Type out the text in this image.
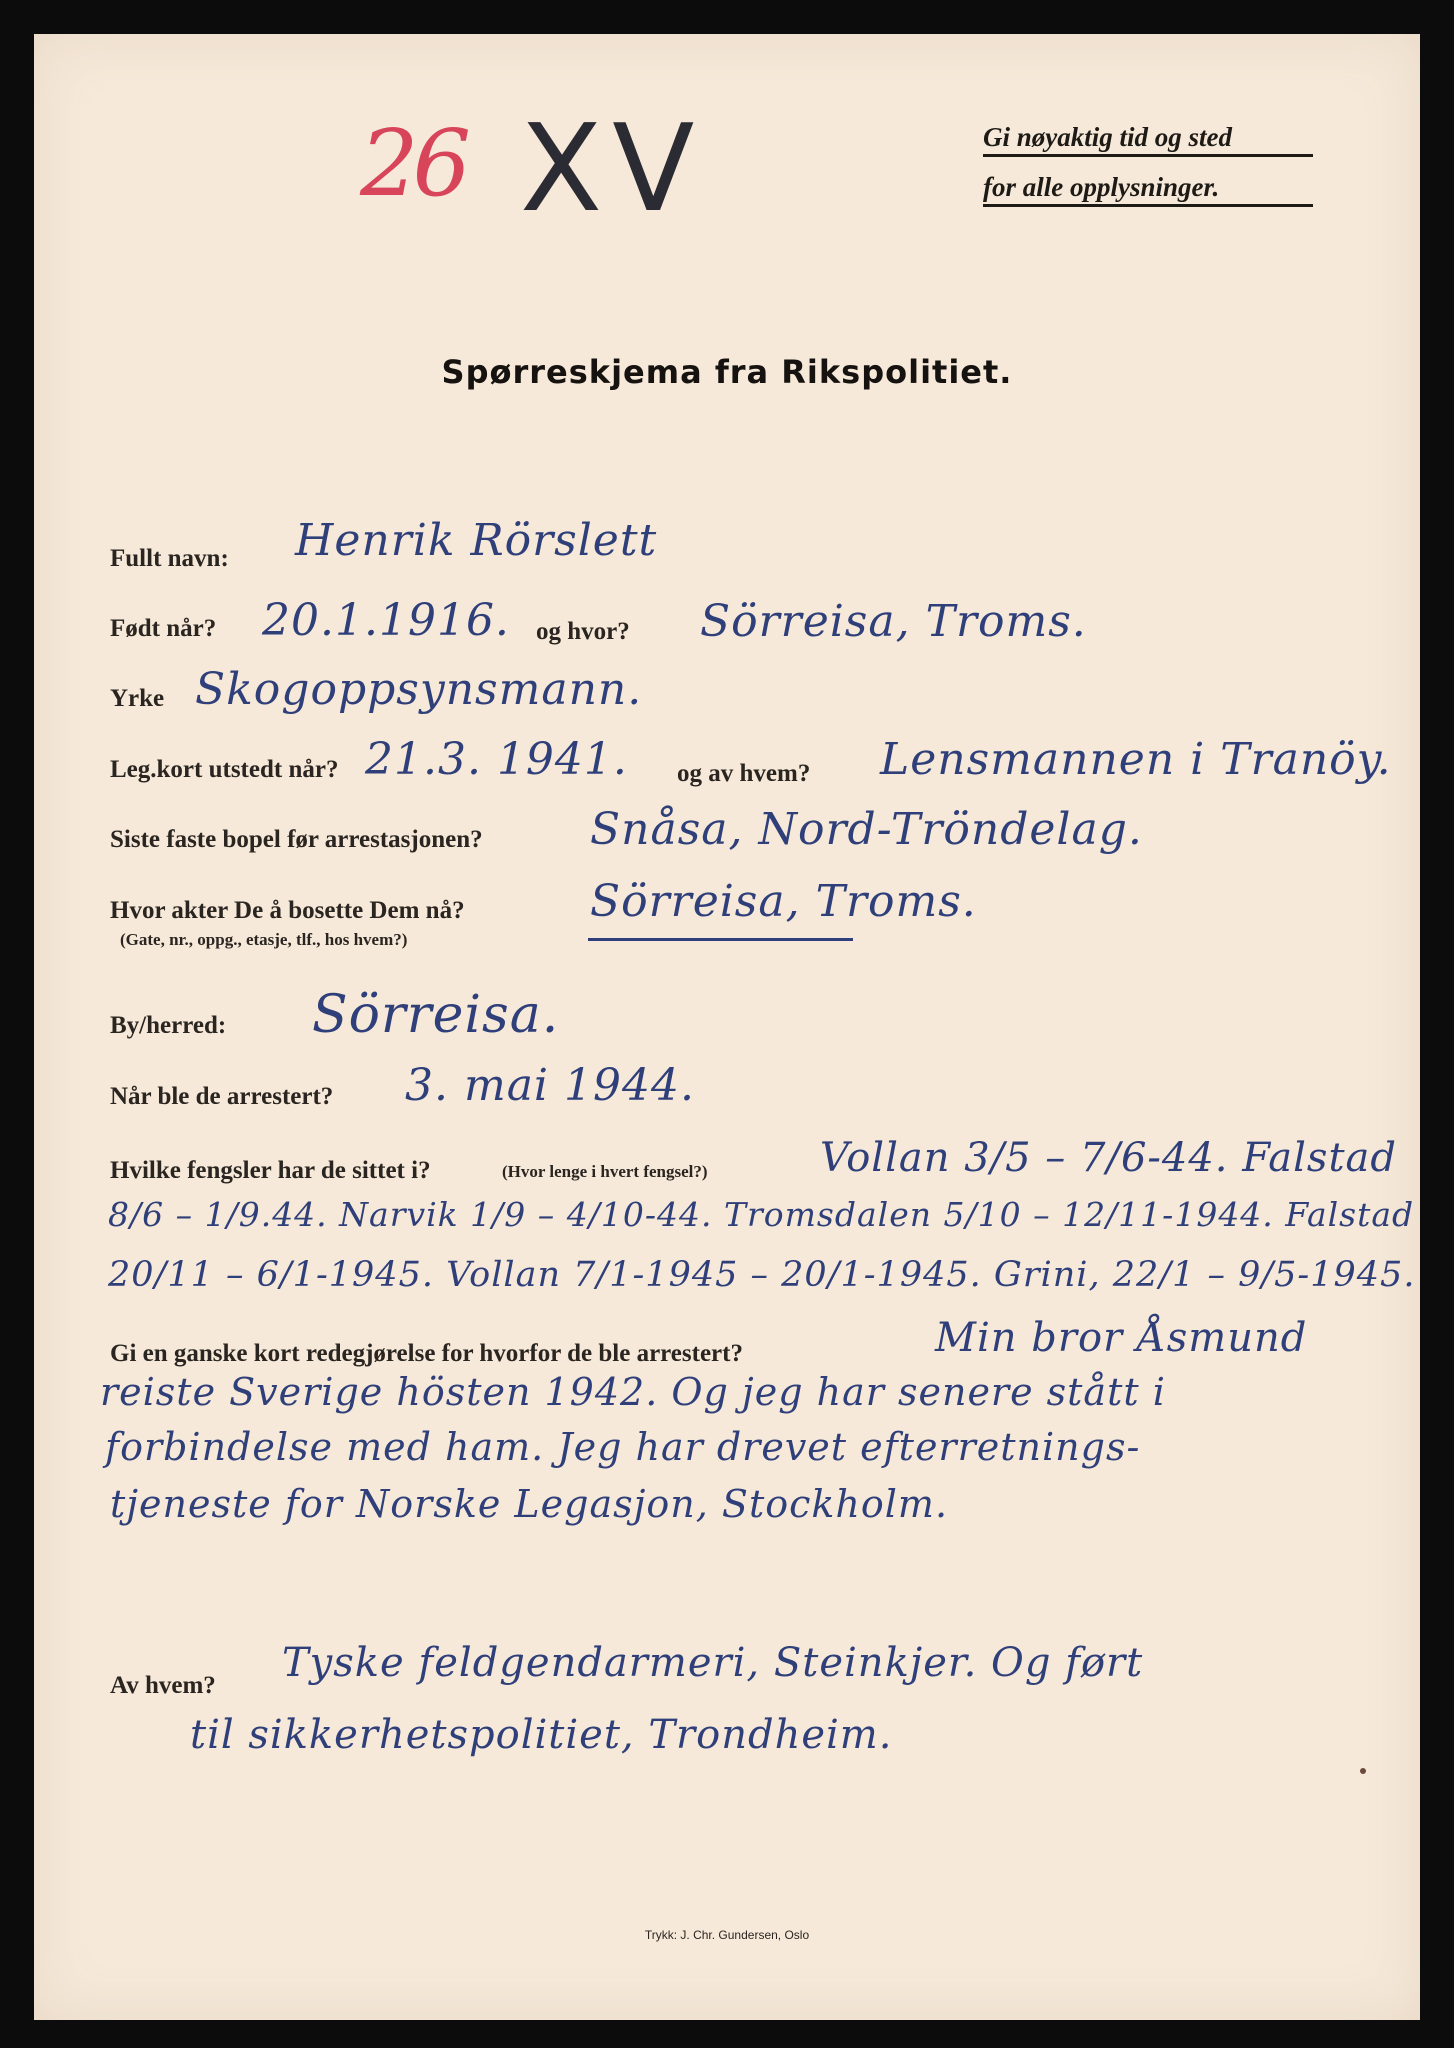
26 XV	Gi nøyaktig tid og sted
for alle opplysninger.
Spørreskjema fra Rikspolitiet.
Fullt navn: Henrik Rörslett
Født når? 20.1.1916. og hvor? Sörreisa, Troms.
Yrke Skogoppsynsmann.
Leg.kort utstedt når? 21.3. 1941. og av hvem? Lensmannen i Tranöy.
Siste faste bopel før arrestasjonen? Snåsa, Nord-Tröndelag.
Hvor akter De å bosette Dem nå?
(Gate, nr., oppg., etasje, tlf., hos hvem?)
Sörreisa, Troms.
By/herred: Sörreisa.
Når ble de arrestert? 3. mai 1944.
Hvilke fengsler har de sittet i?	(Hvor lenge i hvert fengsel?)	Vollan 3/5 – 7/6-44. Falstad
8/6 – 1/9.44. Narvik 1/9 – 4/10-44. Tromsdalen 5/10 – 12/11-1944. Falstad
20/11 – 6/1-1945. Vollan 7/1-1945 – 20/1-1945. Grini, 22/1 – 9/5-1945.
Gi en ganske kort redegjørelse for hvorfor de ble arrestert?	Min bror Åsmund
reiste Sverige hösten 1942. Og jeg har senere stått i
forbindelse med ham. Jeg har drevet efterretnings-
tjeneste for Norske Legasjon, Stockholm.
Av hvem? Tyske feldgendarmeri, Steinkjer. Og ført
til sikkerhetspolitiet, Trondheim.
Trykk: J. Chr. Gundersen, Oslo
